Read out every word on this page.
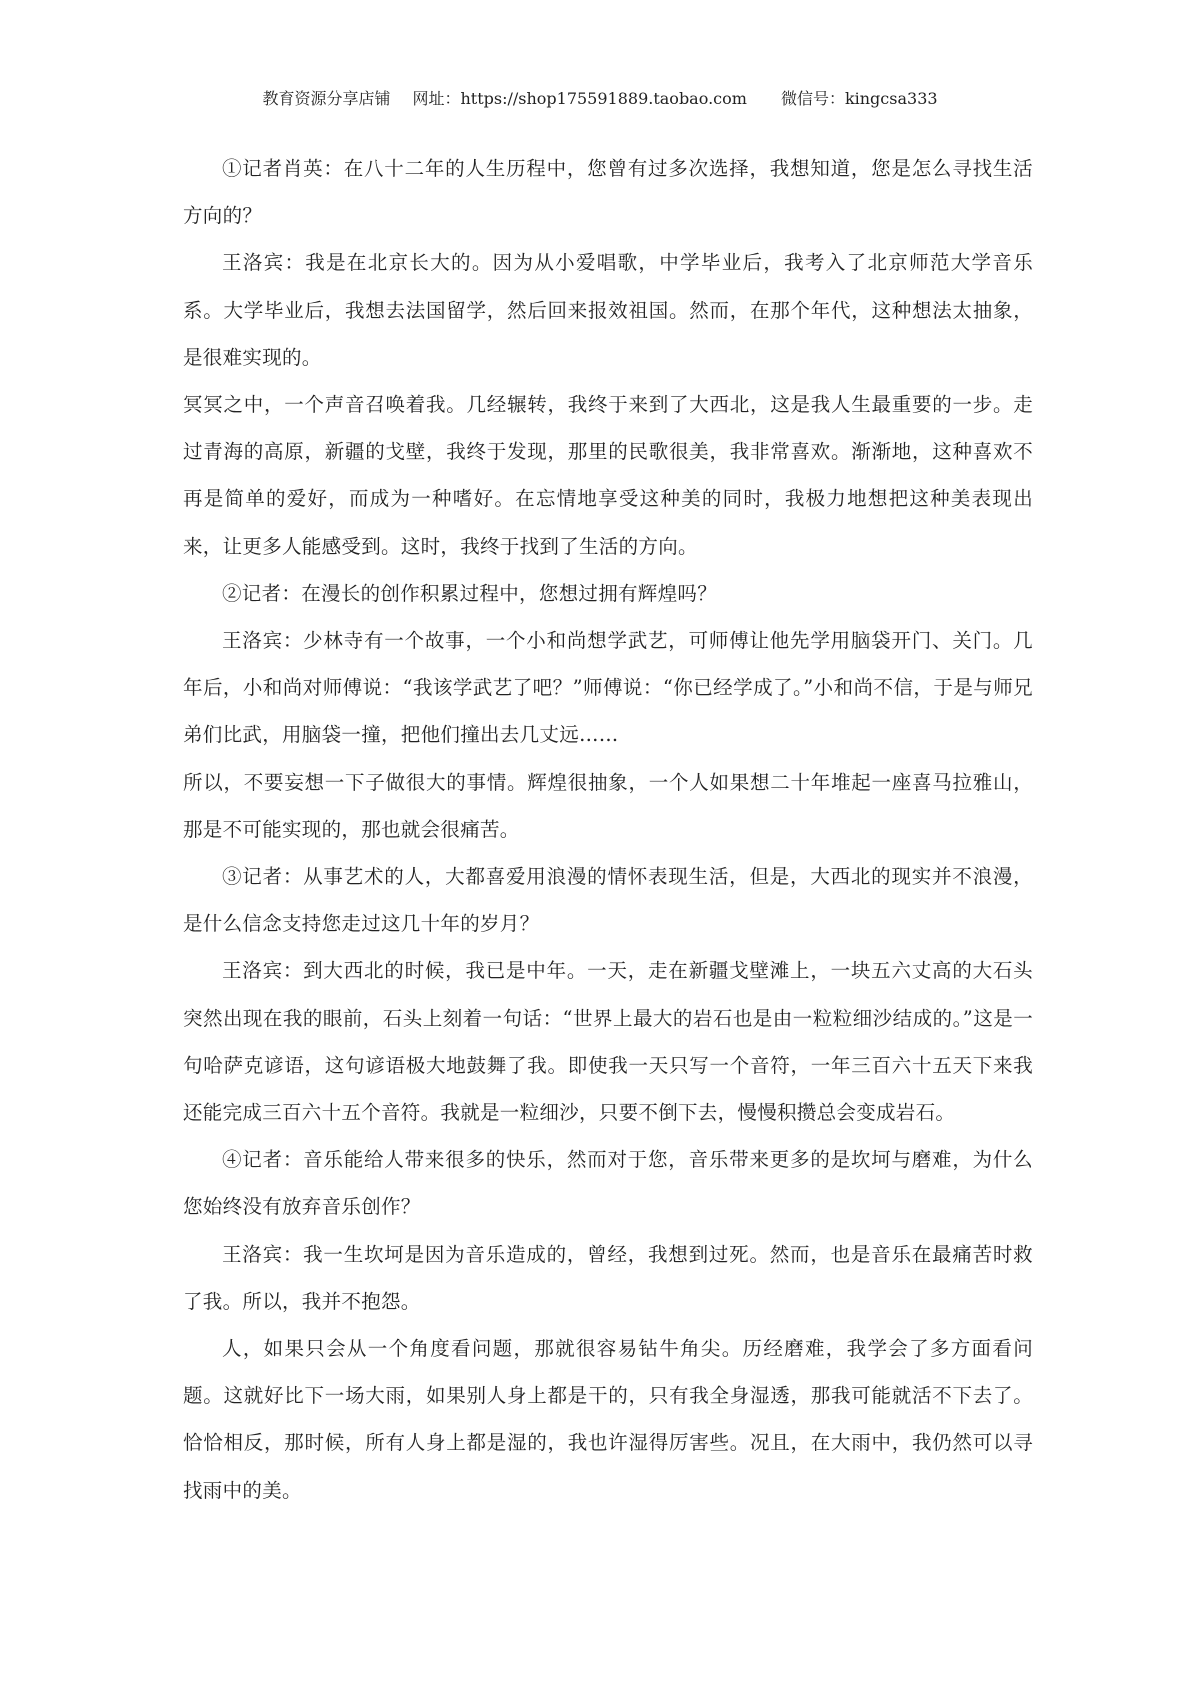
教育资源分享店铺 网址：https://shop175591889.taobao.com 微信号：kingcsa333

①记者肖英：在八十二年的人生历程中，您曾有过多次选择，我想知道，您是怎么寻找生活方向的？

王洛宾：我是在北京长大的。因为从小爱唱歌，中学毕业后，我考入了北京师范大学音乐系。大学毕业后，我想去法国留学，然后回来报效祖国。然而，在那个年代，这种想法太抽象，是很难实现的。

冥冥之中，一个声音召唤着我。几经辗转，我终于来到了大西北，这是我人生最重要的一步。走过青海的高原，新疆的戈壁，我终于发现，那里的民歌很美，我非常喜欢。渐渐地，这种喜欢不再是简单的爱好，而成为一种嗜好。在忘情地享受这种美的同时，我极力地想把这种美表现出来，让更多人能感受到。这时，我终于找到了生活的方向。

②记者：在漫长的创作积累过程中，您想过拥有辉煌吗？

王洛宾：少林寺有一个故事，一个小和尚想学武艺，可师傅让他先学用脑袋开门、关门。几年后，小和尚对师傅说：“我该学武艺了吧？”师傅说：“你已经学成了。”小和尚不信，于是与师兄弟们比武，用脑袋一撞，把他们撞出去几丈远……

所以，不要妄想一下子做很大的事情。辉煌很抽象，一个人如果想二十年堆起一座喜马拉雅山，那是不可能实现的，那也就会很痛苦。

③记者：从事艺术的人，大都喜爱用浪漫的情怀表现生活，但是，大西北的现实并不浪漫，是什么信念支持您走过这几十年的岁月？

王洛宾：到大西北的时候，我已是中年。一天，走在新疆戈壁滩上，一块五六丈高的大石头突然出现在我的眼前，石头上刻着一句话：“世界上最大的岩石也是由一粒粒细沙结成的。”这是一句哈萨克谚语，这句谚语极大地鼓舞了我。即使我一天只写一个音符，一年三百六十五天下来我还能完成三百六十五个音符。我就是一粒细沙，只要不倒下去，慢慢积攒总会变成岩石。

④记者：音乐能给人带来很多的快乐，然而对于您，音乐带来更多的是坎坷与磨难，为什么您始终没有放弃音乐创作？

王洛宾：我一生坎坷是因为音乐造成的，曾经，我想到过死。然而，也是音乐在最痛苦时救了我。所以，我并不抱怨。

人，如果只会从一个角度看问题，那就很容易钻牛角尖。历经磨难，我学会了多方面看问题。这就好比下一场大雨，如果别人身上都是干的，只有我全身湿透，那我可能就活不下去了。恰恰相反，那时候，所有人身上都是湿的，我也许湿得厉害些。况且，在大雨中，我仍然可以寻找雨中的美。
